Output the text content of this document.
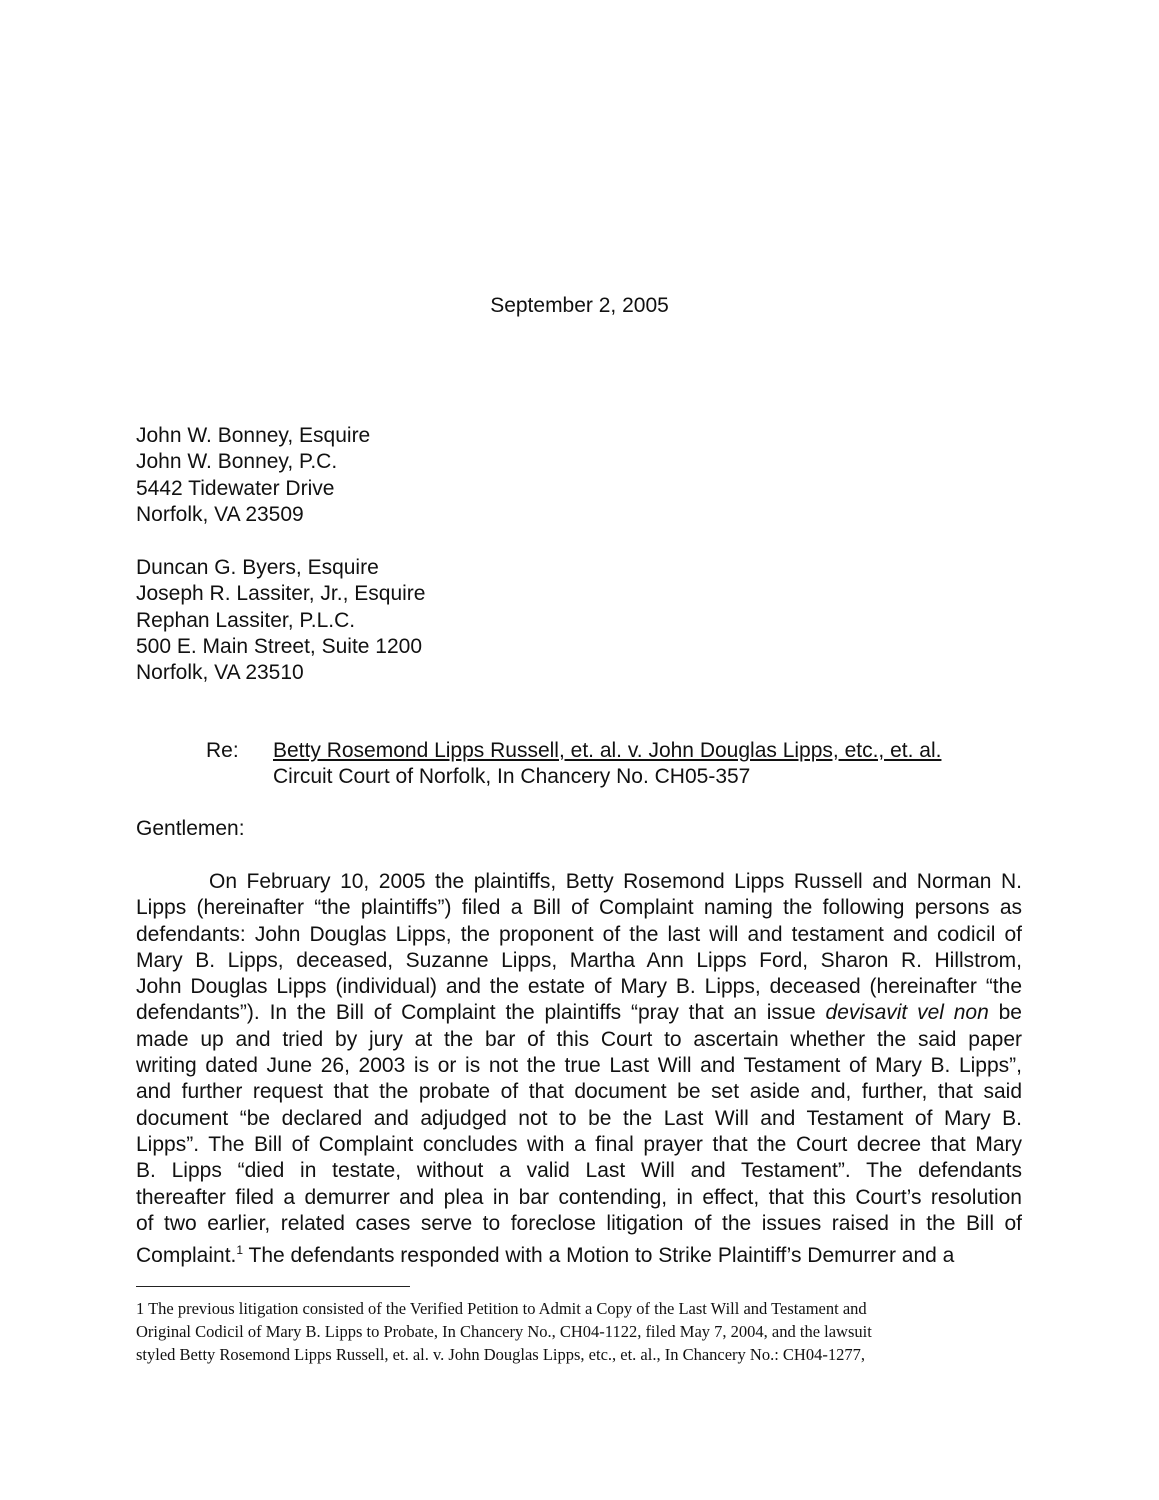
September 2, 2005
John W. Bonney, Esquire
John W. Bonney, P.C.
5442 Tidewater Drive
Norfolk, VA 23509
Duncan G. Byers, Esquire
Joseph R. Lassiter, Jr., Esquire
Rephan Lassiter, P.L.C.
500 E. Main Street, Suite 1200
Norfolk, VA 23510
Re: Betty Rosemond Lipps Russell, et. al. v. John Douglas Lipps, etc., et. al.
Circuit Court of Norfolk, In Chancery No. CH05-357
Gentlemen:
On February 10, 2005 the plaintiffs, Betty Rosemond Lipps Russell and Norman N.
Lipps (hereinafter “the plaintiffs”) filed a Bill of Complaint naming the following persons as
defendants: John Douglas Lipps, the proponent of the last will and testament and codicil of
Mary B. Lipps, deceased, Suzanne Lipps, Martha Ann Lipps Ford, Sharon R. Hillstrom,
John Douglas Lipps (individual) and the estate of Mary B. Lipps, deceased (hereinafter “the
defendants”). In the Bill of Complaint the plaintiffs “pray that an issue devisavit vel non be
made up and tried by jury at the bar of this Court to ascertain whether the said paper
writing dated June 26, 2003 is or is not the true Last Will and Testament of Mary B. Lipps”,
and further request that the probate of that document be set aside and, further, that said
document “be declared and adjudged not to be the Last Will and Testament of Mary B.
Lipps”. The Bill of Complaint concludes with a final prayer that the Court decree that Mary
B. Lipps “died in testate, without a valid Last Will and Testament”. The defendants
thereafter filed a demurrer and plea in bar contending, in effect, that this Court’s resolution
of two earlier, related cases serve to foreclose litigation of the issues raised in the Bill of
Complaint.$^1$ The defendants responded with a Motion to Strike Plaintiff’s Demurrer and a
1 The previous litigation consisted of the Verified Petition to Admit a Copy of the Last Will and Testament and
Original Codicil of Mary B. Lipps to Probate, In Chancery No., CH04-1122, filed May 7, 2004, and the lawsuit
styled Betty Rosemond Lipps Russell, et. al. v. John Douglas Lipps, etc., et. al., In Chancery No.: CH04-1277,
